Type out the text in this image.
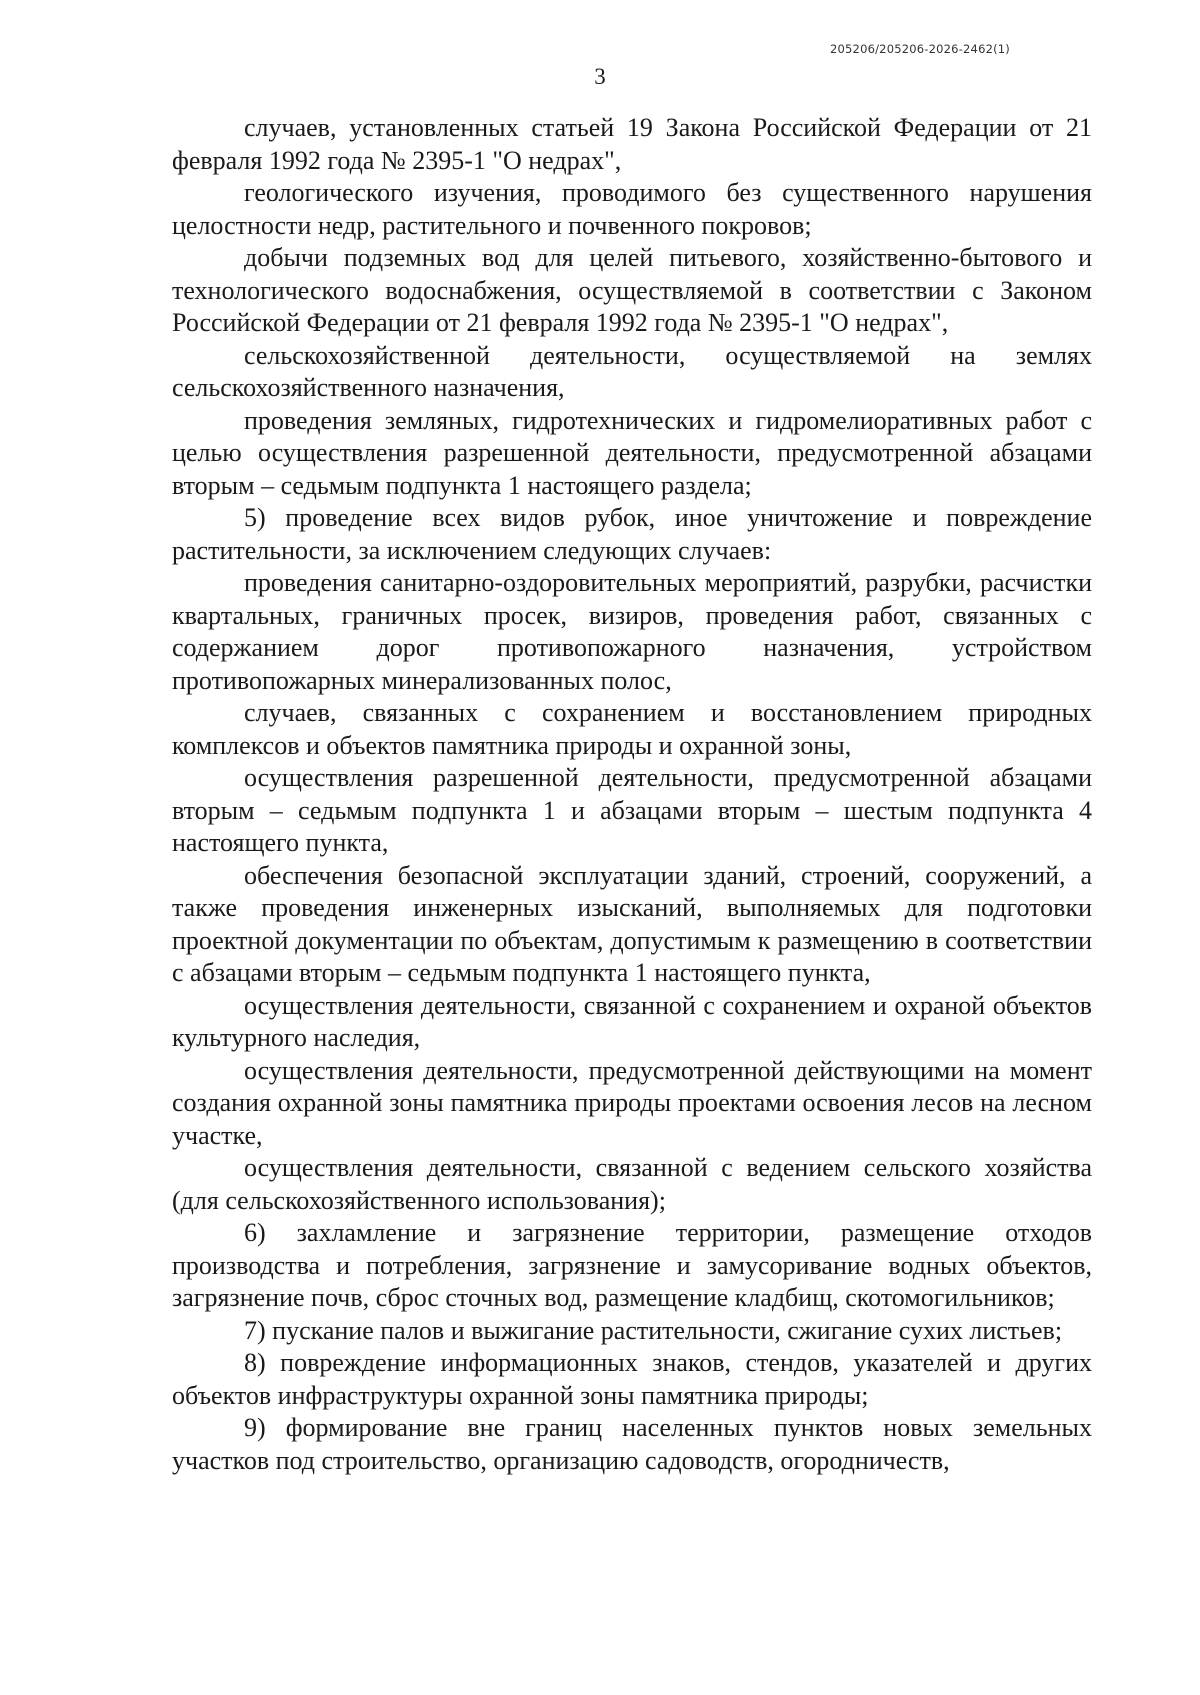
205206/205206-2026-2462(1)
3

случаев, установленных статьей 19 Закона Российской Федерации от 21 февраля 1992 года № 2395-1 "О недрах",

геологического изучения, проводимого без существенного нарушения целостности недр, растительного и почвенного покровов;

добычи подземных вод для целей питьевого, хозяйственно-бытового и технологического водоснабжения, осуществляемой в соответствии с Законом Российской Федерации от 21 февраля 1992 года № 2395-1 "О недрах",

сельскохозяйственной деятельности, осуществляемой на землях сельскохозяйственного назначения,

проведения земляных, гидротехнических и гидромелиоративных работ с целью осуществления разрешенной деятельности, предусмотренной абзацами вторым – седьмым подпункта 1 настоящего раздела;

5) проведение всех видов рубок, иное уничтожение и повреждение растительности, за исключением следующих случаев:

проведения санитарно-оздоровительных мероприятий, разрубки, расчистки квартальных, граничных просек, визиров, проведения работ, связанных с содержанием дорог противопожарного назначения, устройством противопожарных минерализованных полос,

случаев, связанных с сохранением и восстановлением природных комплексов и объектов памятника природы и охранной зоны,

осуществления разрешенной деятельности, предусмотренной абзацами вторым – седьмым подпункта 1 и абзацами вторым – шестым подпункта 4 настоящего пункта,

обеспечения безопасной эксплуатации зданий, строений, сооружений, а также проведения инженерных изысканий, выполняемых для подготовки проектной документации по объектам, допустимым к размещению в соответствии с абзацами вторым – седьмым подпункта 1 настоящего пункта,

осуществления деятельности, связанной с сохранением и охраной объектов культурного наследия,

осуществления деятельности, предусмотренной действующими на момент создания охранной зоны памятника природы проектами освоения лесов на лесном участке,

осуществления деятельности, связанной с ведением сельского хозяйства (для сельскохозяйственного использования);

6) захламление и загрязнение территории, размещение отходов производства и потребления, загрязнение и замусоривание водных объектов, загрязнение почв, сброс сточных вод, размещение кладбищ, скотомогильников;

7) пускание палов и выжигание растительности, сжигание сухих листьев;

8) повреждение информационных знаков, стендов, указателей и других объектов инфраструктуры охранной зоны памятника природы;

9) формирование вне границ населенных пунктов новых земельных участков под строительство, организацию садоводств, огородничеств,
